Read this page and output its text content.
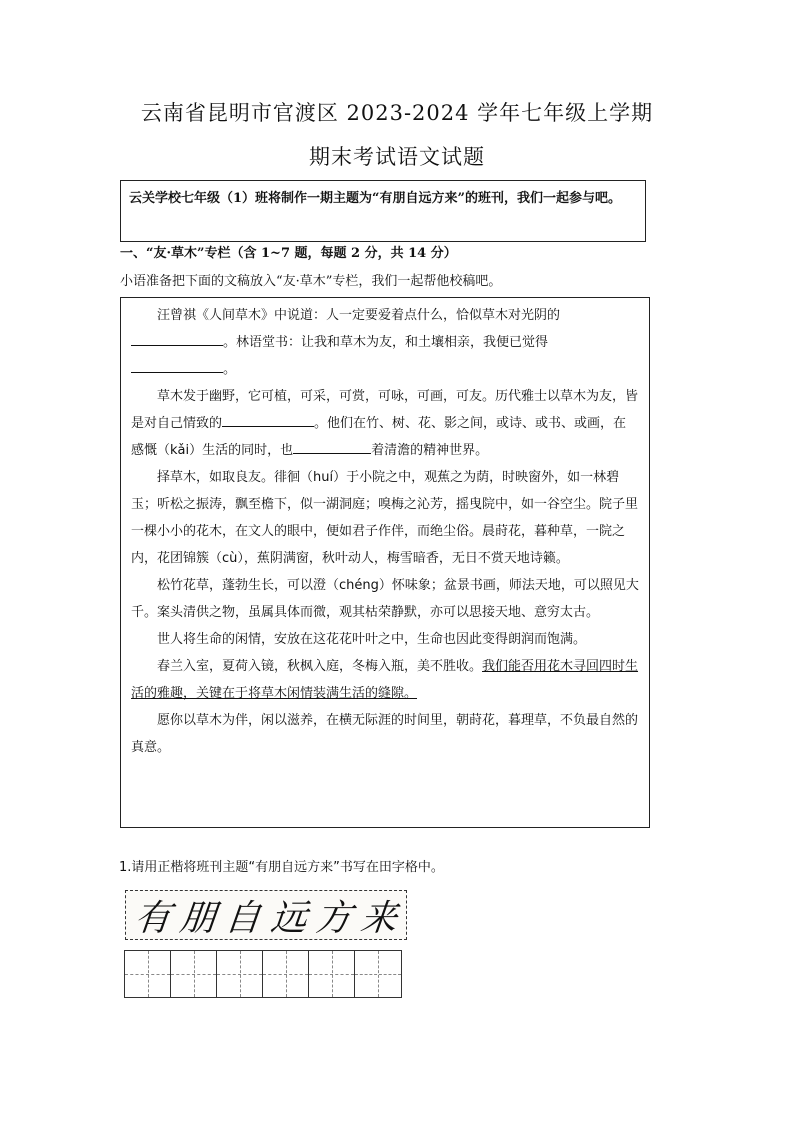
云南省昆明市官渡区 2023-2024 学年七年级上学期
期末考试语文试题
云关学校七年级（1）班将制作一期主题为“有朋自远方来”的班刊，我们一起参与吧。
一、“友·草木”专栏（含 1~7 题，每题 2 分，共 14 分）
小语准备把下面的文稿放入“友·草木”专栏，我们一起帮他校稿吧。

汪曾祺《人间草木》中说道：人一定要爱着点什么，恰似草木对光阴的
。林语堂书：让我和草木为友，和土壤相亲，我便已觉得
。

草木发于幽野，它可植，可采，可赏，可咏，可画，可友。历代雅士以草木为友，皆是对自己情致的	。他们在竹、树、花、影之间，或诗、或书、或画，在感慨（kǎi）生活的同时，也	着清澹的精神世界。

择草木，如取良友。徘徊（huí）于小院之中，观蕉之为荫，时映窗外，如一林碧玉；听松之振涛，飘至檐下，似一湖洞庭；嗅梅之沁芳，摇曳院中，如一谷空尘。院子里一棵小小的花木，在文人的眼中，便如君子作伴，而绝尘俗。晨莳花，暮种草，一院之内，花团锦簇（cù），蕉阴满窗，秋叶动人，梅雪暗香，无日不赏天地诗籁。

松竹花草，蓬勃生长，可以澄（chéng）怀味象；盆景书画，师法天地，可以照见大千。案头清供之物，虽属具体而微，观其枯荣静默，亦可以思接天地、意穷太古。

世人将生命的闲情，安放在这花花叶叶之中，生命也因此变得朗润而饱满。

春兰入室，夏荷入镜，秋枫入庭，冬梅入瓶，美不胜收。我们能否用花木寻回四时生活的雅趣，关键在于将草木闲情装满生活的缝隙。

愿你以草木为伴，闲以滋养，在横无际涯的时间里，朝莳花，暮理草，不负最自然的真意。

1.请用正楷将班刊主题“有朋自远方来”书写在田字格中。
有 朋 自 远 方 来
